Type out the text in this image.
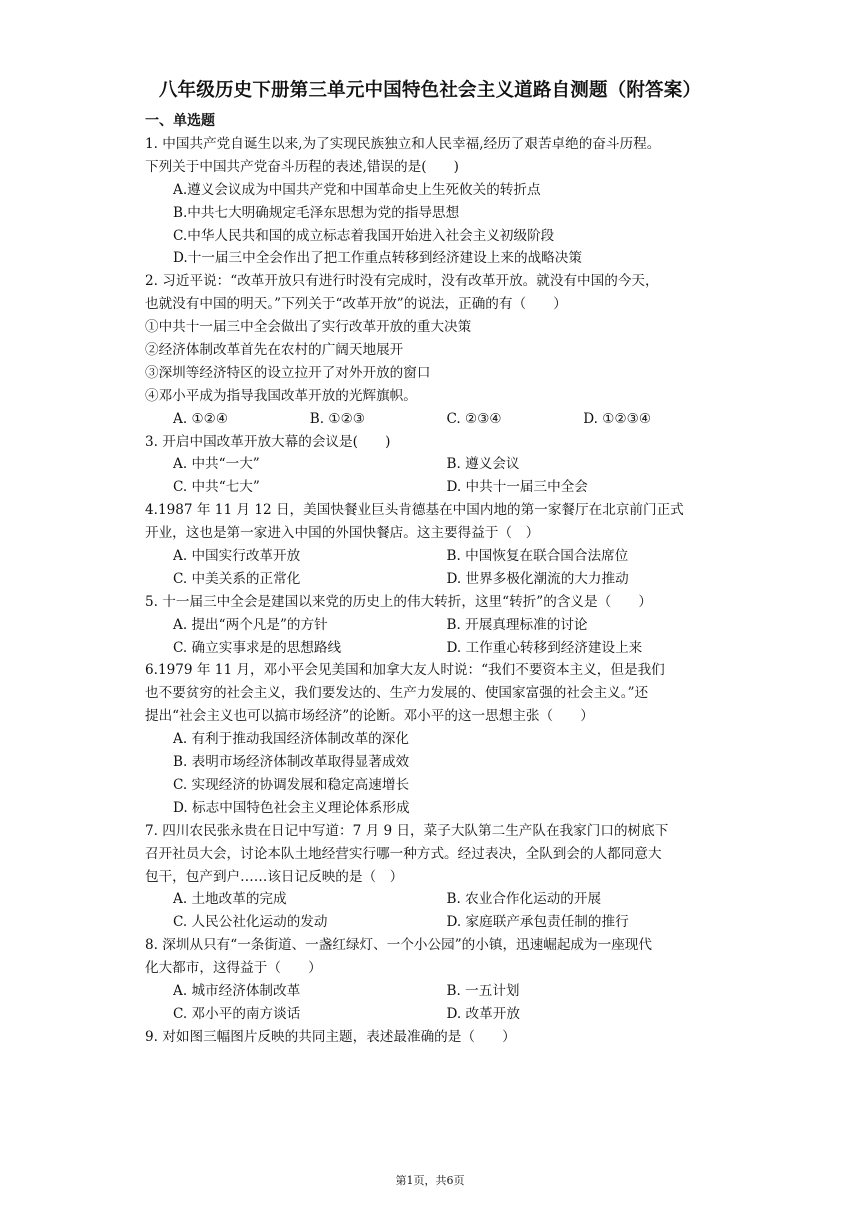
八年级历史下册第三单元中国特色社会主义道路自测题（附答案）
一、单选题
1. 中国共产党自诞生以来,为了实现民族独立和人民幸福,经历了艰苦卓绝的奋斗历程。
下列关于中国共产党奋斗历程的表述,错误的是(　　)
A.遵义会议成为中国共产党和中国革命史上生死攸关的转折点
B.中共七大明确规定毛泽东思想为党的指导思想
C.中华人民共和国的成立标志着我国开始进入社会主义初级阶段
D.十一届三中全会作出了把工作重点转移到经济建设上来的战略决策
2. 习近平说：“改革开放只有进行时没有完成时，没有改革开放。就没有中国的今天，
也就没有中国的明天。”下列关于“改革开放”的说法，正确的有（　　）
①中共十一届三中全会做出了实行改革开放的重大决策
②经济体制改革首先在农村的广阔天地展开
③深圳等经济特区的设立拉开了对外开放的窗口
④邓小平成为指导我国改革开放的光辉旗帜。
A. ①②④	B. ①②③	C. ②③④	D. ①②③④
3. 开启中国改革开放大幕的会议是(　　)
A. 中共“一大”	B. 遵义会议
C. 中共“七大”	D. 中共十一届三中全会
4.1987 年 11 月 12 日，美国快餐业巨头肯德基在中国内地的第一家餐厅在北京前门正式
开业，这也是第一家进入中国的外国快餐店。这主要得益于（　）
A. 中国实行改革开放	B. 中国恢复在联合国合法席位
C. 中美关系的正常化	D. 世界多极化潮流的大力推动
5. 十一届三中全会是建国以来党的历史上的伟大转折，这里“转折”的含义是（　　）
A. 提出“两个凡是”的方针	B. 开展真理标准的讨论
C. 确立实事求是的思想路线	D. 工作重心转移到经济建设上来
6.1979 年 11 月，邓小平会见美国和加拿大友人时说：“我们不要资本主义，但是我们
也不要贫穷的社会主义，我们要发达的、生产力发展的、使国家富强的社会主义。”还
提出“社会主义也可以搞市场经济”的论断。邓小平的这一思想主张（　　）
A. 有利于推动我国经济体制改革的深化
B. 表明市场经济体制改革取得显著成效
C. 实现经济的协调发展和稳定高速增长
D. 标志中国特色社会主义理论体系形成
7. 四川农民张永贵在日记中写道：7 月 9 日，菜子大队第二生产队在我家门口的树底下
召开社员大会，讨论本队土地经营实行哪一种方式。经过表决，全队到会的人都同意大
包干，包产到户……该日记反映的是（　）
A. 土地改革的完成	B. 农业合作化运动的开展
C. 人民公社化运动的发动	D. 家庭联产承包责任制的推行
8. 深圳从只有“一条街道、一盏红绿灯、一个小公园”的小镇，迅速崛起成为一座现代
化大都市，这得益于（　　）
A. 城市经济体制改革	B. 一五计划
C. 邓小平的南方谈话	D. 改革开放
9. 对如图三幅图片反映的共同主题，表述最准确的是（　　）
第1页，共6页
